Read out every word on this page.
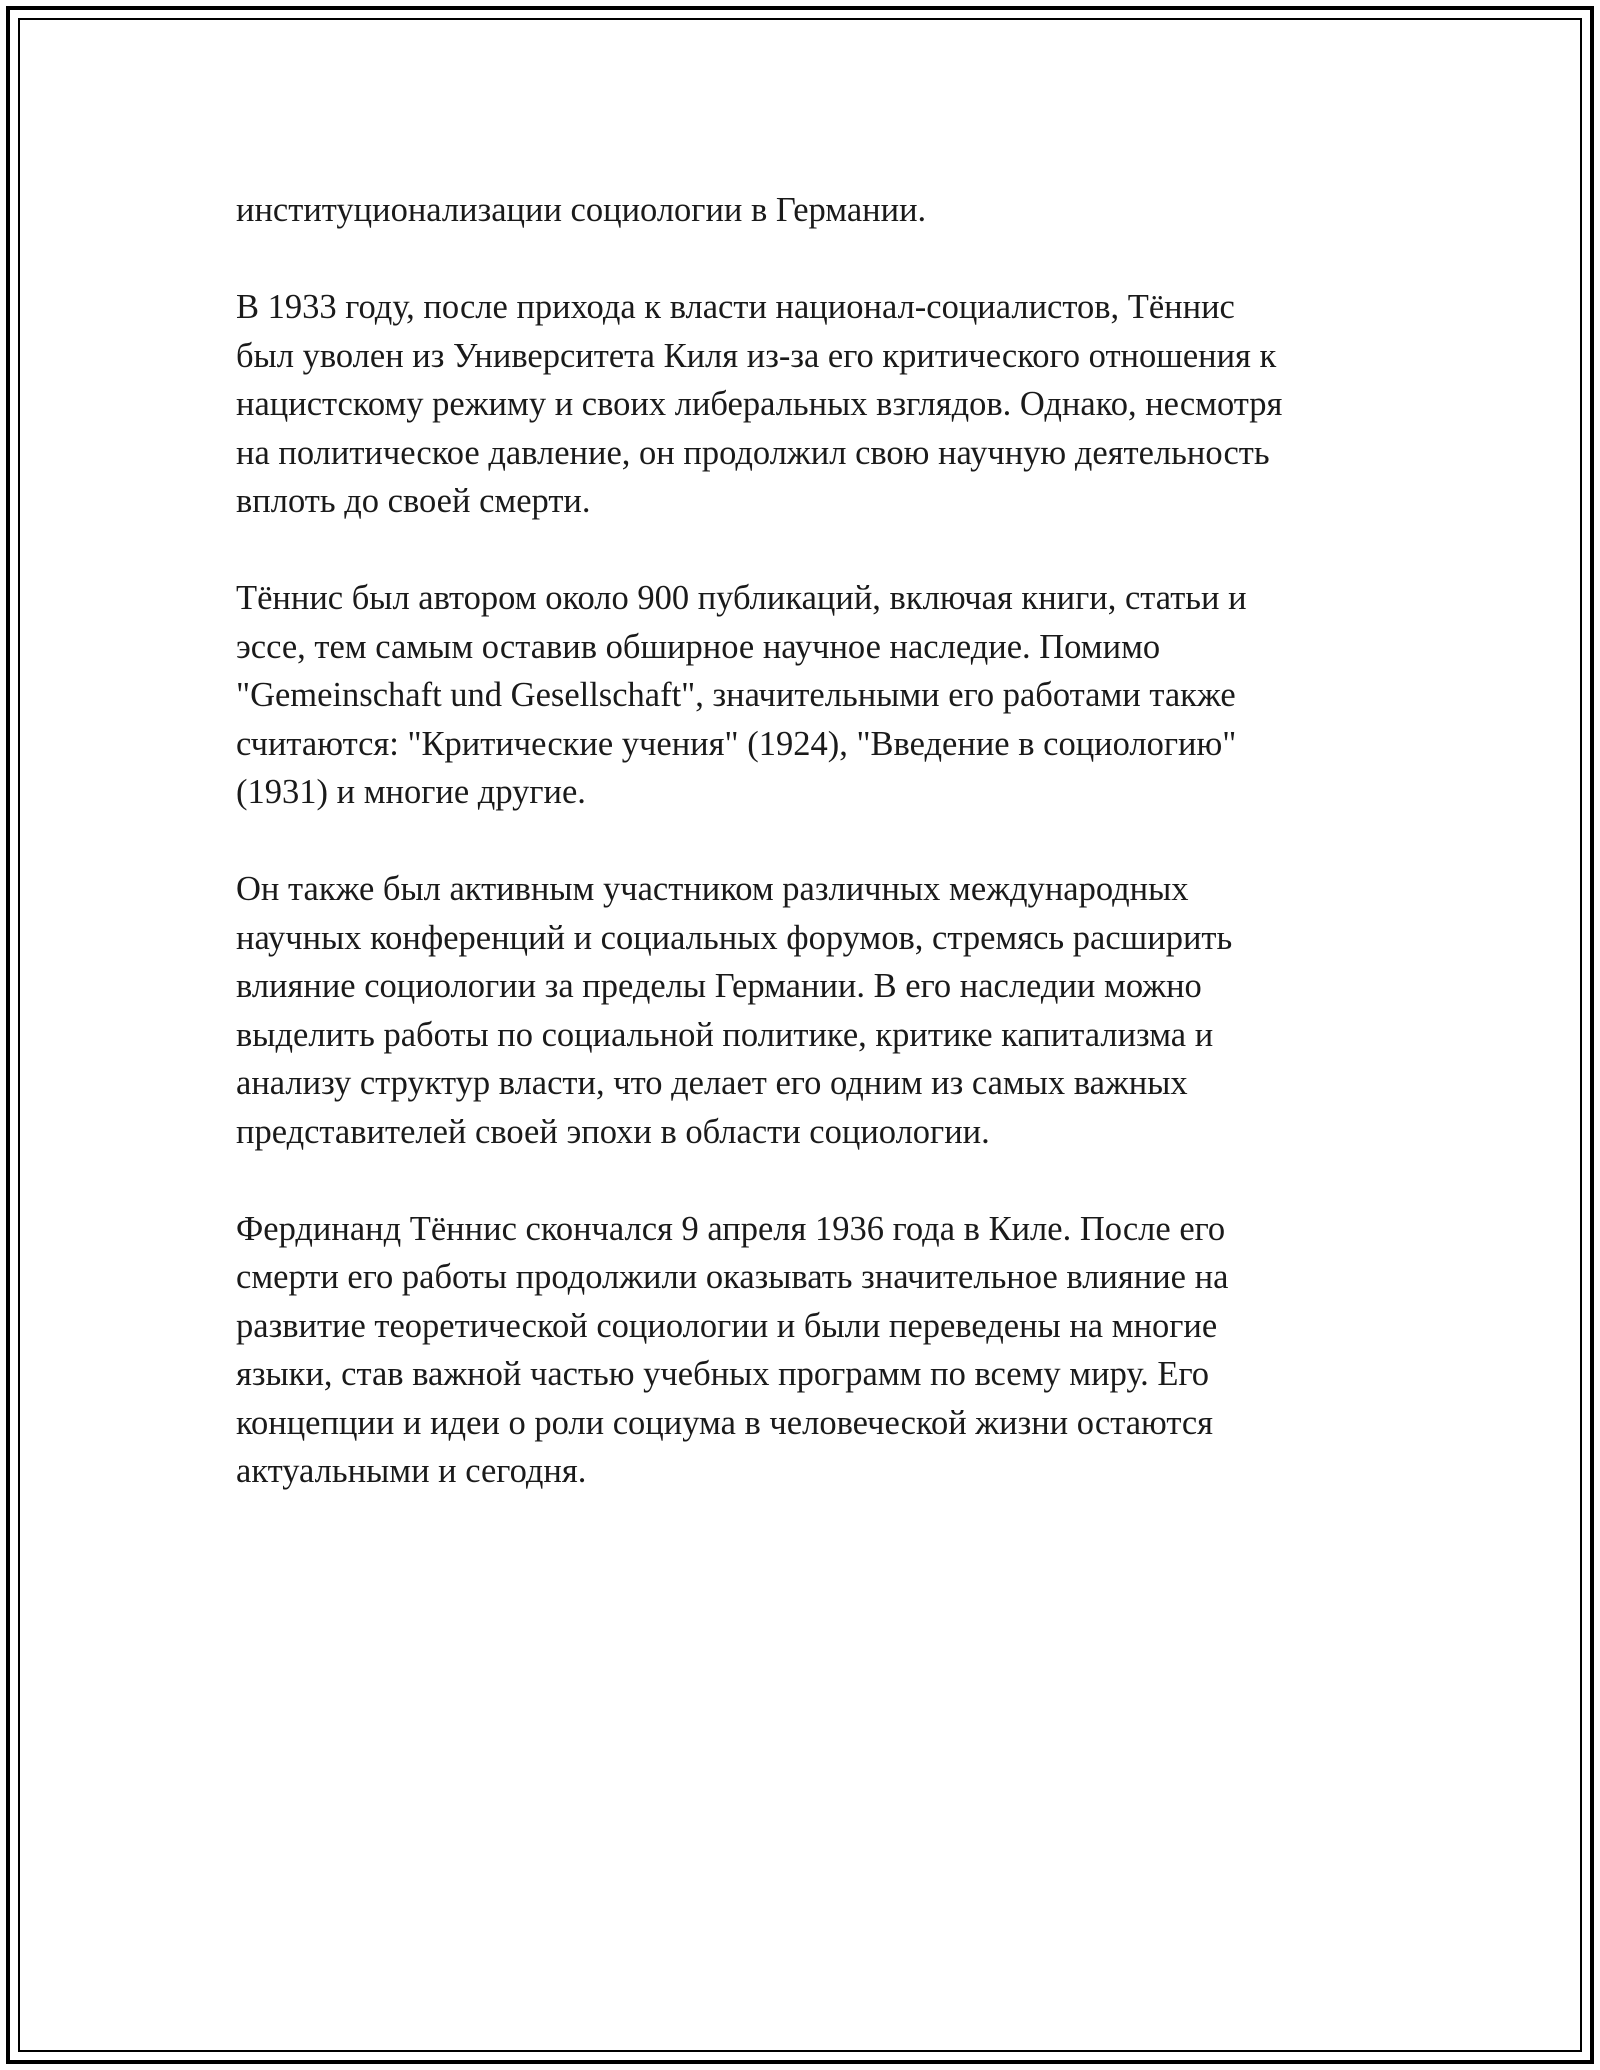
институционализации социологии в Германии.

В 1933 году, после прихода к власти национал-социалистов, Тённис
был уволен из Университета Киля из-за его критического отношения к
нацистскому режиму и своих либеральных взглядов. Однако, несмотря
на политическое давление, он продолжил свою научную деятельность
вплоть до своей смерти.

Тённис был автором около 900 публикаций, включая книги, статьи и
эссе, тем самым оставив обширное научное наследие. Помимо
"Gemeinschaft und Gesellschaft", значительными его работами также
считаются: "Критические учения" (1924), "Введение в социологию"
(1931) и многие другие.

Он также был активным участником различных международных
научных конференций и социальных форумов, стремясь расширить
влияние социологии за пределы Германии. В его наследии можно
выделить работы по социальной политике, критике капитализма и
анализу структур власти, что делает его одним из самых важных
представителей своей эпохи в области социологии.

Фердинанд Тённис скончался 9 апреля 1936 года в Киле. После его
смерти его работы продолжили оказывать значительное влияние на
развитие теоретической социологии и были переведены на многие
языки, став важной частью учебных программ по всему миру. Его
концепции и идеи о роли социума в человеческой жизни остаются
актуальными и сегодня.
